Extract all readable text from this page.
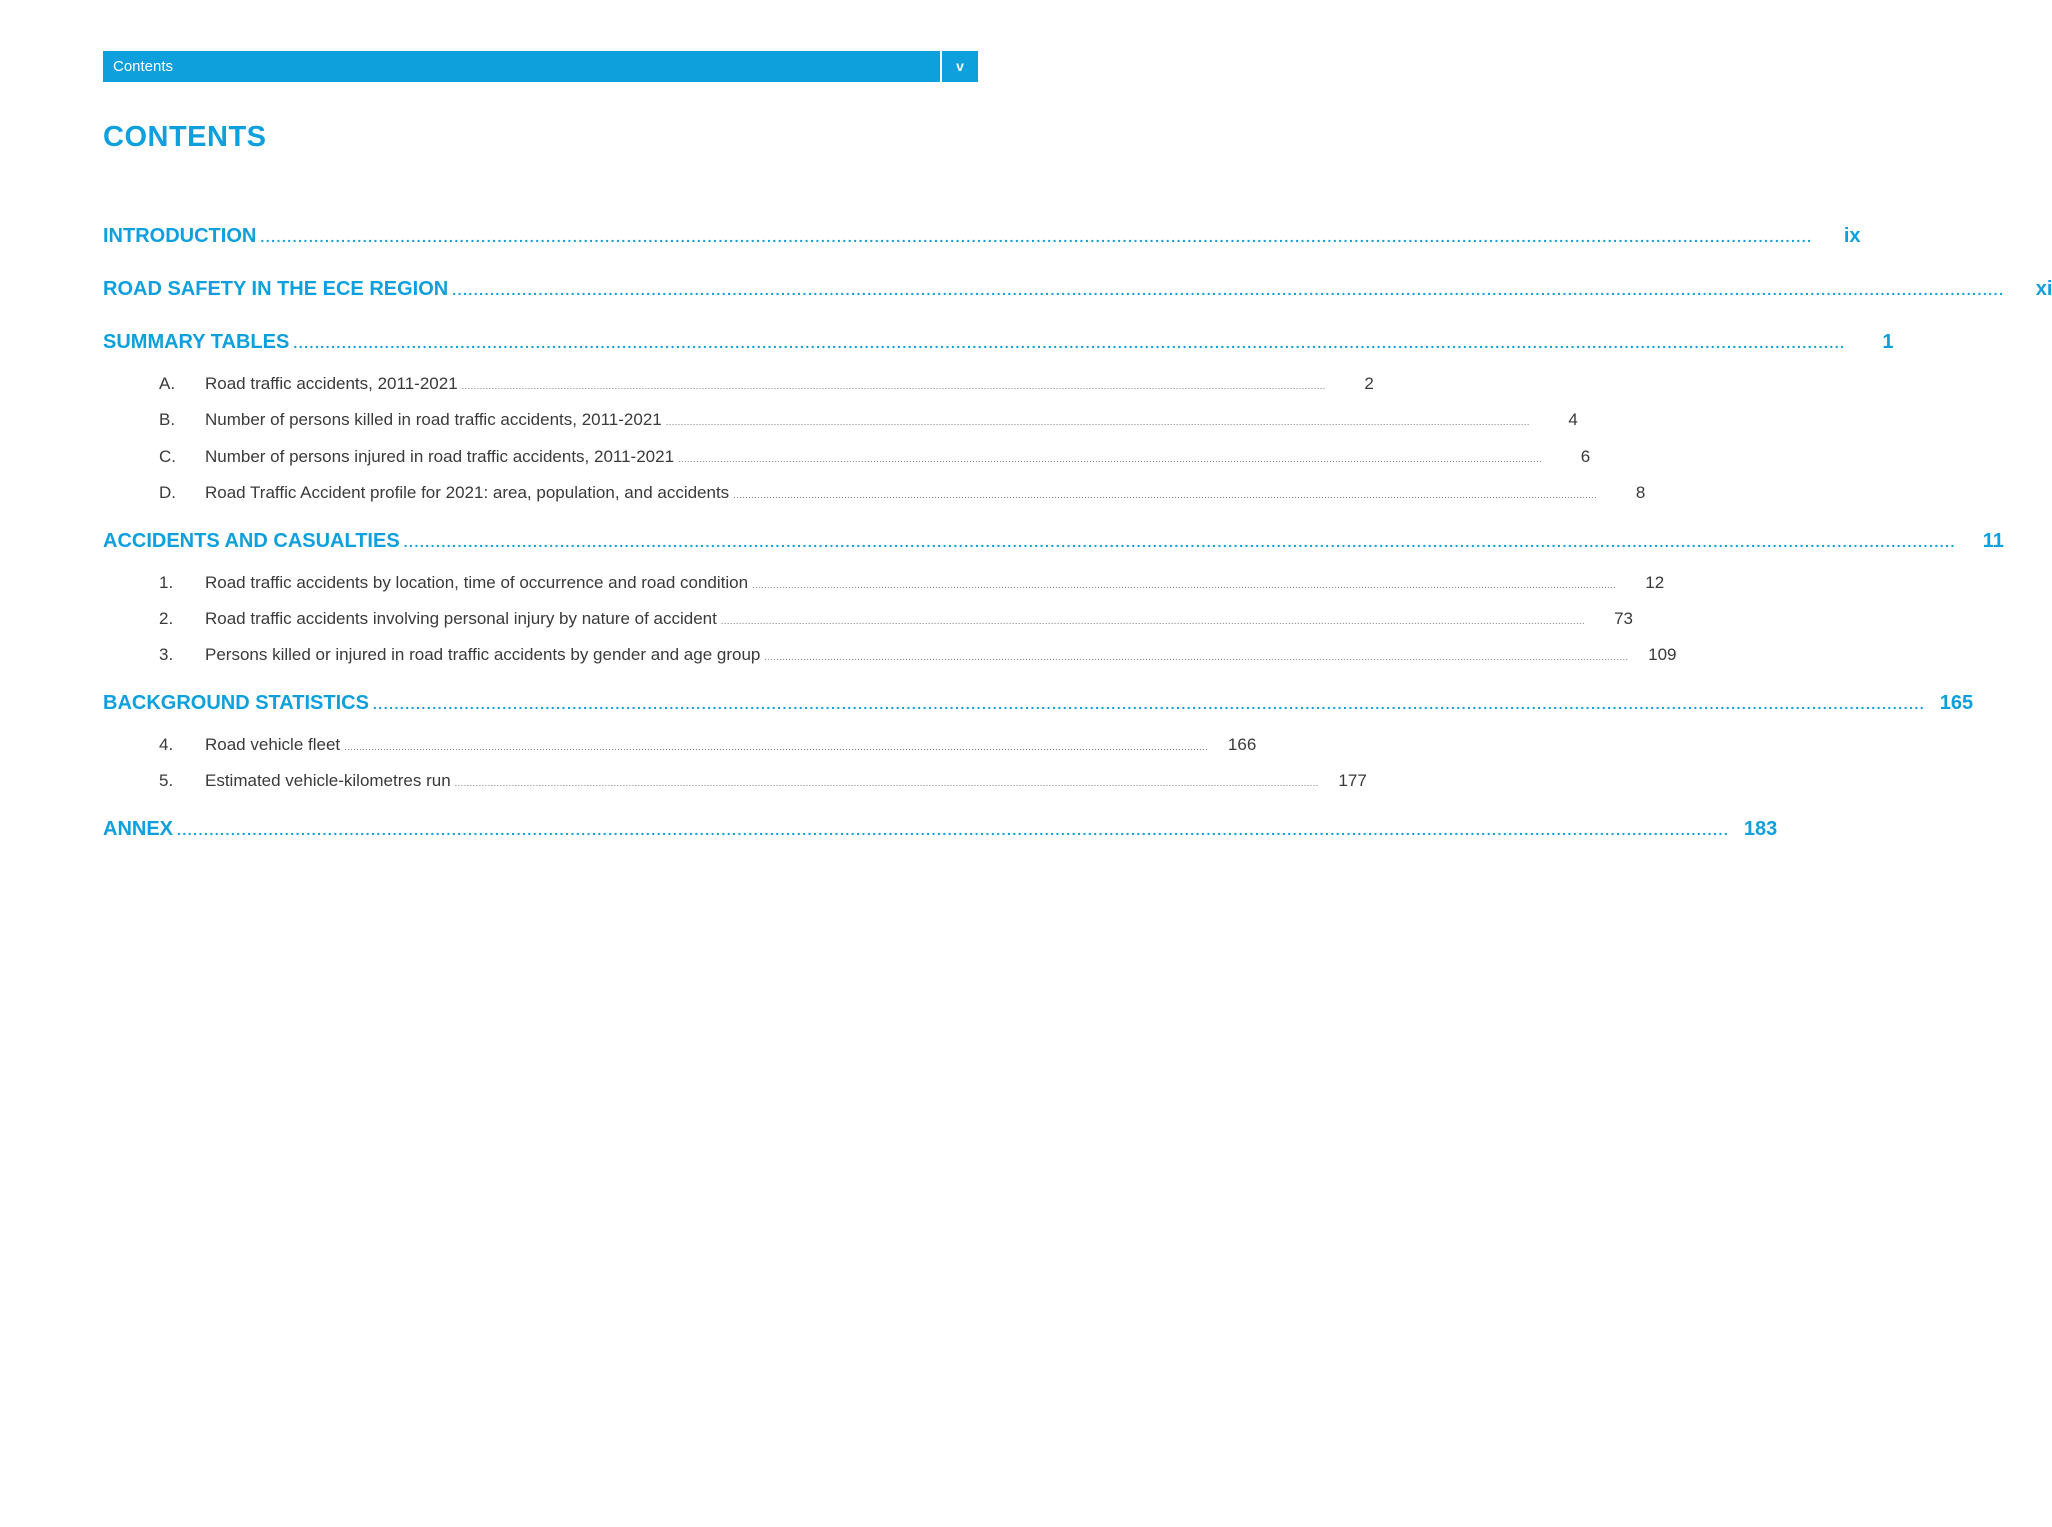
Contents	v
CONTENTS
INTRODUCTION ................................................................................................................................................................................................................................................................................................	ix
ROAD SAFETY IN THE ECE REGION ................................................................................................................................................................................................................................................................................................	xi
SUMMARY TABLES ................................................................................................................................................................................................................................................................................................	1
A.	Road traffic accidents, 2011-2021 ................................................................................................................................................................................................................................................................................................	2
B.	Number of persons killed in road traffic accidents, 2011-2021 ................................................................................................................................................................................................................................................................................................	4
C.	Number of persons injured in road traffic accidents, 2011-2021 ................................................................................................................................................................................................................................................................................................	6
D.	Road Traffic Accident profile for 2021: area, population, and accidents ................................................................................................................................................................................................................................................................................................	8
ACCIDENTS AND CASUALTIES ................................................................................................................................................................................................................................................................................................	11
1.	Road traffic accidents by location, time of occurrence and road condition ................................................................................................................................................................................................................................................................................................	12
2.	Road traffic accidents involving personal injury by nature of accident ................................................................................................................................................................................................................................................................................................	73
3.	Persons killed or injured in road traffic accidents by gender and age group ................................................................................................................................................................................................................................................................................................	109
BACKGROUND STATISTICS ................................................................................................................................................................................................................................................................................................ 165
4.	Road vehicle fleet ................................................................................................................................................................................................................................................................................................	166
5.	Estimated vehicle-kilometres run ................................................................................................................................................................................................................................................................................................	177
ANNEX ................................................................................................................................................................................................................................................................................................ 183
